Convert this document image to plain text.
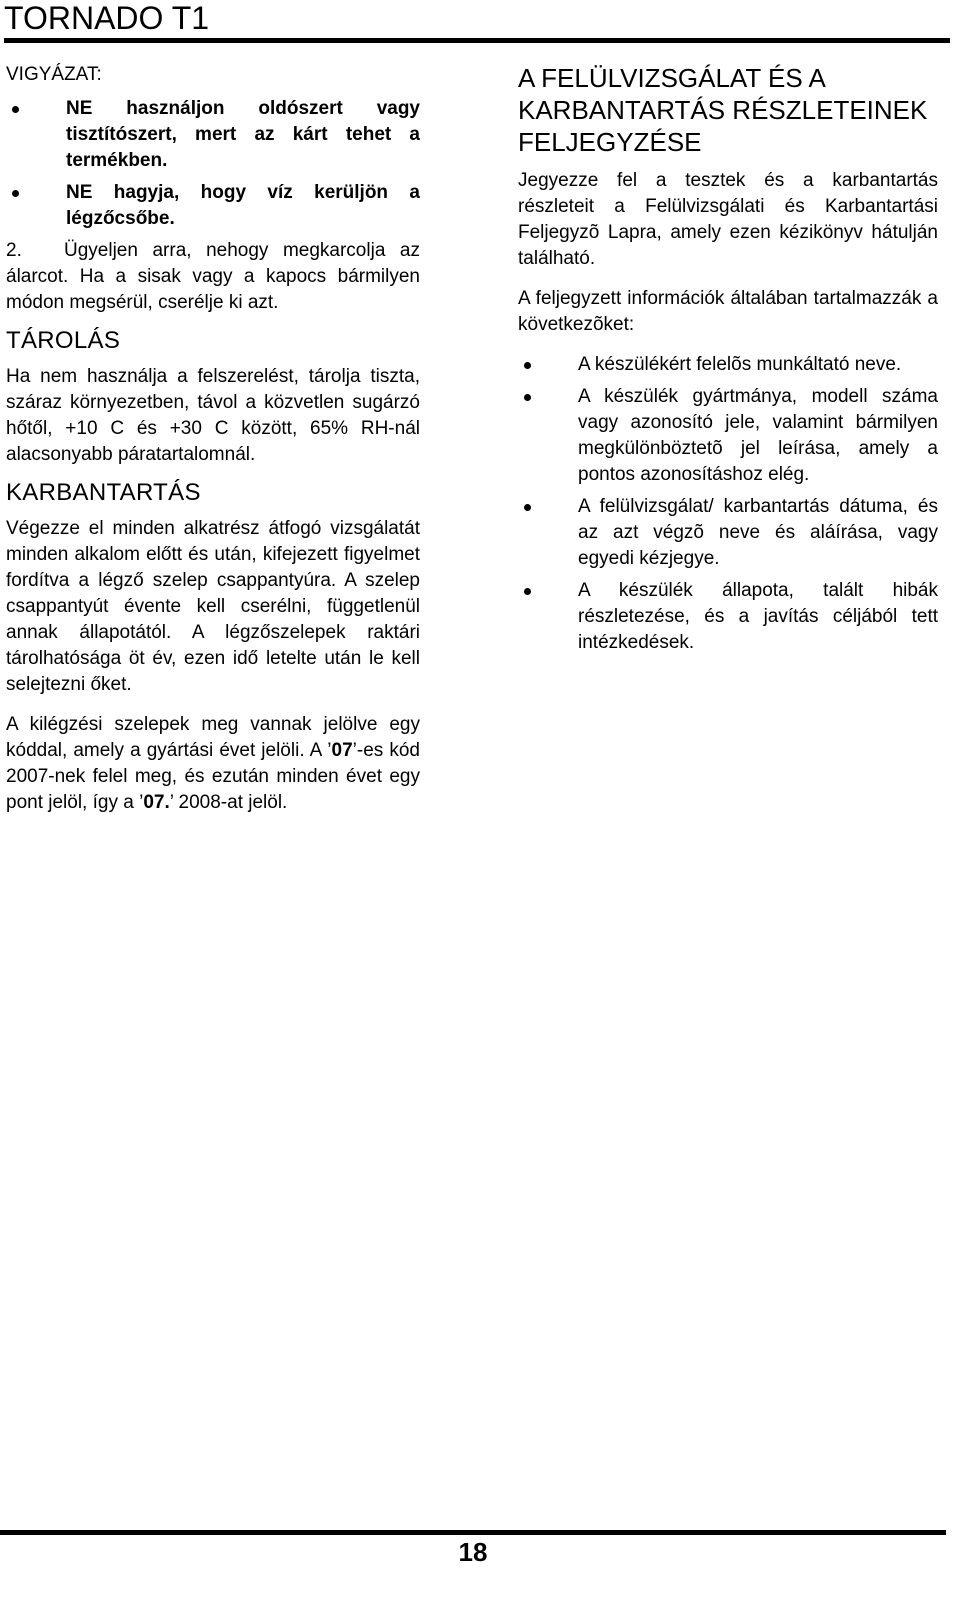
TORNADO T1

VIGYÁZAT:

NE használjon oldószert vagy tisztítószert, mert az kárt tehet a termékben.
NE hagyja, hogy víz kerüljön a légzőcsőbe.
2. Ügyeljen arra, nehogy megkarcolja az álarcot. Ha a sisak vagy a kapocs bármilyen módon megsérül, cserélje ki azt.
TÁROLÁS

Ha nem használja a felszerelést, tárolja tiszta, száraz környezetben, távol a közvetlen sugárzó hőtől, +10 C és +30 C között, 65% RH-nál alacsonyabb páratartalomnál.

KARBANTARTÁS

Végezze el minden alkatrész átfogó vizsgálatát minden alkalom előtt és után, kifejezett figyelmet fordítva a légző szelep csappantyúra. A szelep csappantyút évente kell cserélni, függetlenül annak állapotától. A légzőszelepek raktári tárolhatósága öt év, ezen idő letelte után le kell selejtezni őket.

A kilégzési szelepek meg vannak jelölve egy kóddal, amely a gyártási évet jelöli. A ’07’-es kód 2007-nek felel meg, és ezután minden évet egy pont jelöl, így a ’07.’ 2008-at jelöl.

A FELÜLVIZSGÁLAT ÉS A KARBANTARTÁS RÉSZLETEINEK FELJEGYZÉSE

Jegyezze fel a tesztek és a karbantartás részleteit a Felülvizsgálati és Karbantartási Feljegyzõ Lapra, amely ezen kézikönyv hátulján található.

A feljegyzett információk általában tartalmazzák a következõket:

A készülékért felelõs munkáltató neve.
A készülék gyártmánya, modell száma vagy azonosító jele, valamint bármilyen megkülönböztetõ jel leírása, amely a pontos azonosításhoz elég.
A felülvizsgálat/ karbantartás dátuma, és az azt végzõ neve és aláírása, vagy egyedi kézjegye.
A készülék állapota, talált hibák részletezése, és a javítás céljából tett intézkedések.
18
